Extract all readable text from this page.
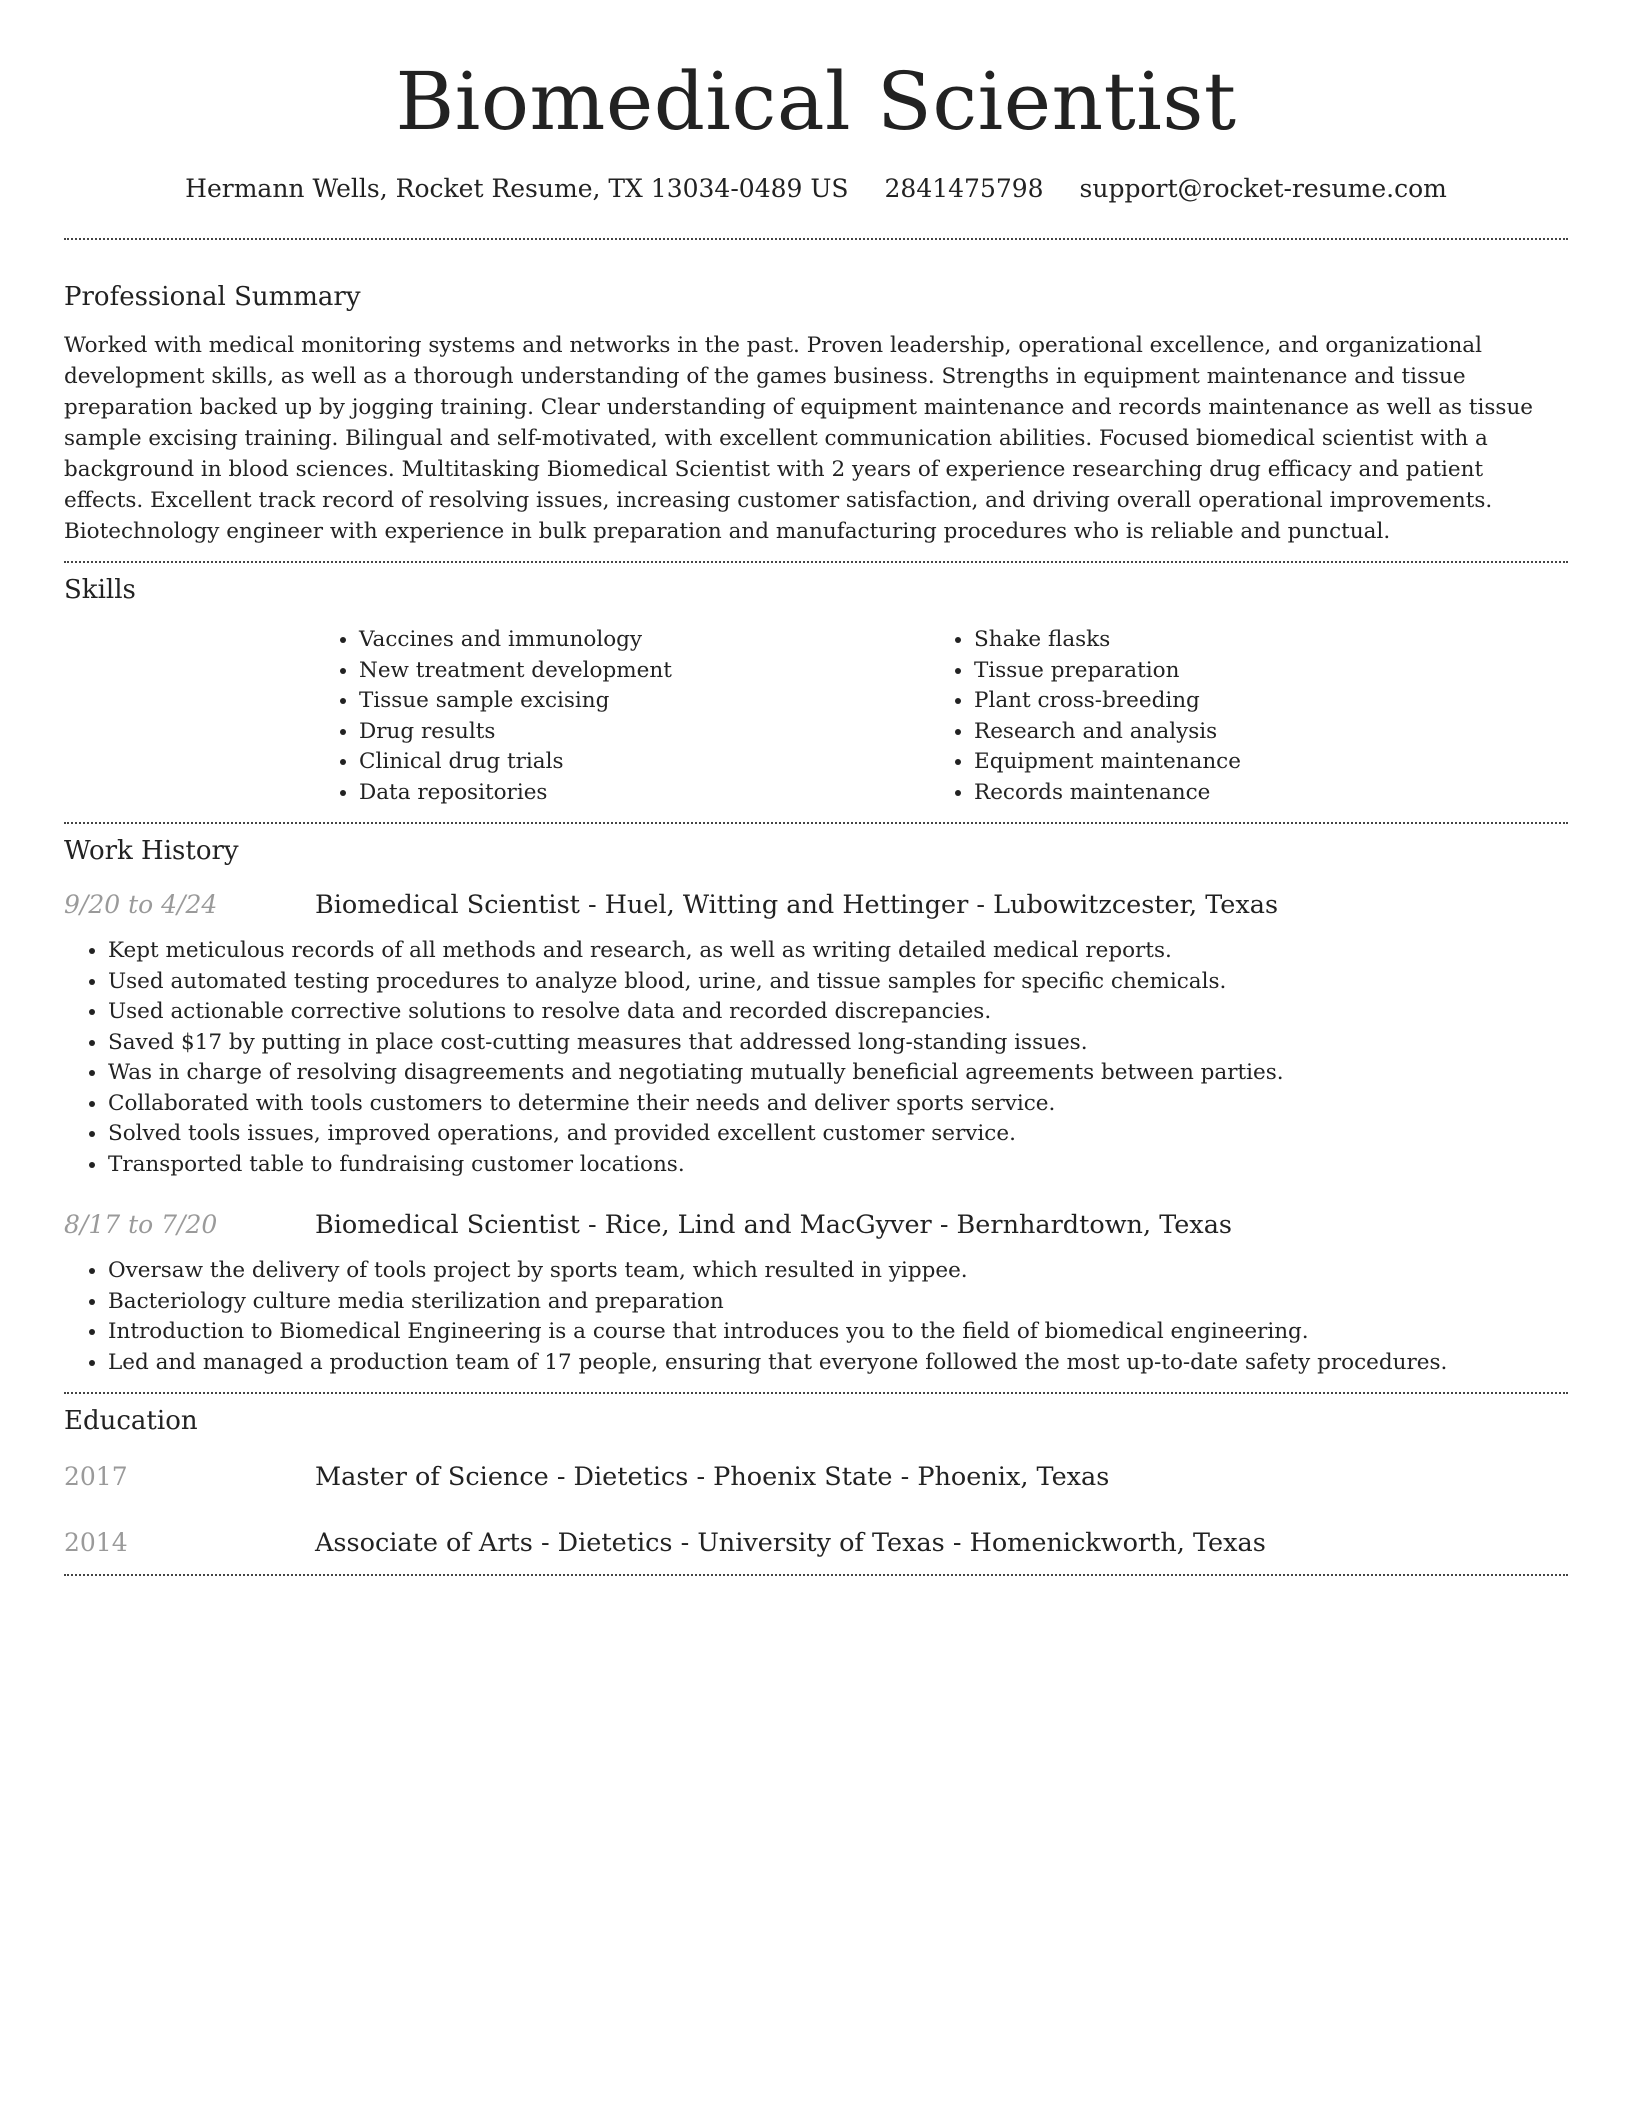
Biomedical Scientist
Hermann Wells, Rocket Resume, TX 13034-0489 US 2841475798 support@rocket-resume.com
Professional Summary

Worked with medical monitoring systems and networks in the past. Proven leadership, operational excellence, and organizational development skills, as well as a thorough understanding of the games business. Strengths in equipment maintenance and tissue preparation backed up by jogging training. Clear understanding of equipment maintenance and records maintenance as well as tissue sample excising training. Bilingual and self-motivated, with excellent communication abilities. Focused biomedical scientist with a background in blood sciences. Multitasking Biomedical Scientist with 2 years of experience researching drug efficacy and patient effects. Excellent track record of resolving issues, increasing customer satisfaction, and driving overall operational improvements. Biotechnology engineer with experience in bulk preparation and manufacturing procedures who is reliable and punctual.

Skills
• Vaccines and immunology
• New treatment development
• Tissue sample excising
• Drug results
• Clinical drug trials
• Data repositories
• Shake flasks
• Tissue preparation
• Plant cross-breeding
• Research and analysis
• Equipment maintenance
• Records maintenance
Work History
9/20 to 4/24	Biomedical Scientist - Huel, Witting and Hettinger - Lubowitzcester, Texas
• Kept meticulous records of all methods and research, as well as writing detailed medical reports.
• Used automated testing procedures to analyze blood, urine, and tissue samples for specific chemicals.
• Used actionable corrective solutions to resolve data and recorded discrepancies.
• Saved $17 by putting in place cost-cutting measures that addressed long-standing issues.
• Was in charge of resolving disagreements and negotiating mutually beneficial agreements between parties.
• Collaborated with tools customers to determine their needs and deliver sports service.
• Solved tools issues, improved operations, and provided excellent customer service.
• Transported table to fundraising customer locations.
8/17 to 7/20	Biomedical Scientist - Rice, Lind and MacGyver - Bernhardtown, Texas
• Oversaw the delivery of tools project by sports team, which resulted in yippee.
• Bacteriology culture media sterilization and preparation
• Introduction to Biomedical Engineering is a course that introduces you to the field of biomedical engineering.
• Led and managed a production team of 17 people, ensuring that everyone followed the most up-to-date safety procedures.
Education
2017	Master of Science - Dietetics - Phoenix State - Phoenix, Texas
2014	Associate of Arts - Dietetics - University of Texas - Homenickworth, Texas
